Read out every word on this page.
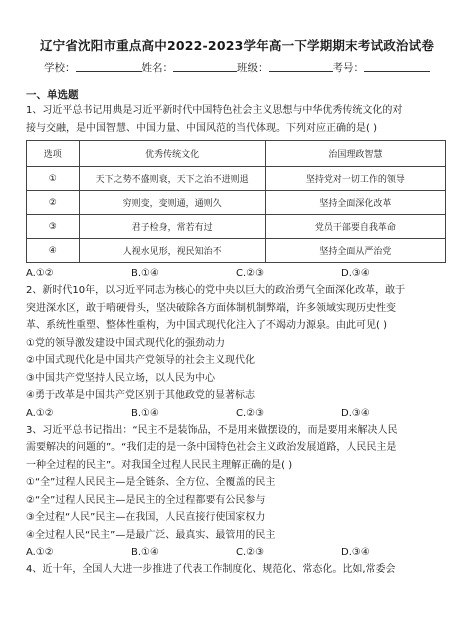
辽宁省沈阳市重点高中2022-2023学年高一下学期期末考试政治试卷
学校：	姓名：	班级：	考号：
一、单选题

1、习近平总书记用典是习近平新时代中国特色社会主义思想与中华优秀传统文化的对

接与交融，是中国智慧、中国力量、中国风范的当代体现。下列对应正确的是( )

选项	优秀传统文化	治国理政智慧
①	天下之势不盛则衰，天下之治不进则退	坚持党对一切工作的领导
②	穷则变，变则通，通则久	坚持全面深化改革
③	君子检身，常若有过	党员干部要自我革命
④	人视水见形，视民知治不	坚持全面从严治党
A.①②	B.①④	C.②③	D.③④

2、新时代10年，以习近平同志为核心的党中央以巨大的政治勇气全面深化改革，敢于

突进深水区，敢于啃硬骨头，坚决破除各方面体制机制弊端，许多领域实现历史性变

革、系统性重塑、整体性重构，为中国式现代化注入了不竭动力源泉。由此可见( )

①党的领导激发建设中国式现代化的强劲动力

②中国式现代化是中国共产党领导的社会主义现代化

③中国共产党坚持人民立场，以人民为中心

④勇于改革是中国共产党区别于其他政党的显著标志

A.①②	B.①④	C.②③	D.③④

3、习近平总书记指出：“民主不是装饰品，不是用来做摆设的，而是要用来解决人民

需要解决的问题的”。“我们走的是一条中国特色社会主义政治发展道路，人民民主是

一种全过程的民主”。对我国全过程人民民主理解正确的是( )

①“全”过程人民民主—是全链条、全方位、全覆盖的民主

②“全”过程人民民主—是民主的全过程都要有公民参与

③全过程“人民”民主—在我国，人民直接行使国家权力

④全过程人民“民主”—是最广泛、最真实、最管用的民主

A.①②	B.①④	C.②③	D.③④

4、近十年，全国人大进一步推进了代表工作制度化、规范化、常态化。比如,常委会
